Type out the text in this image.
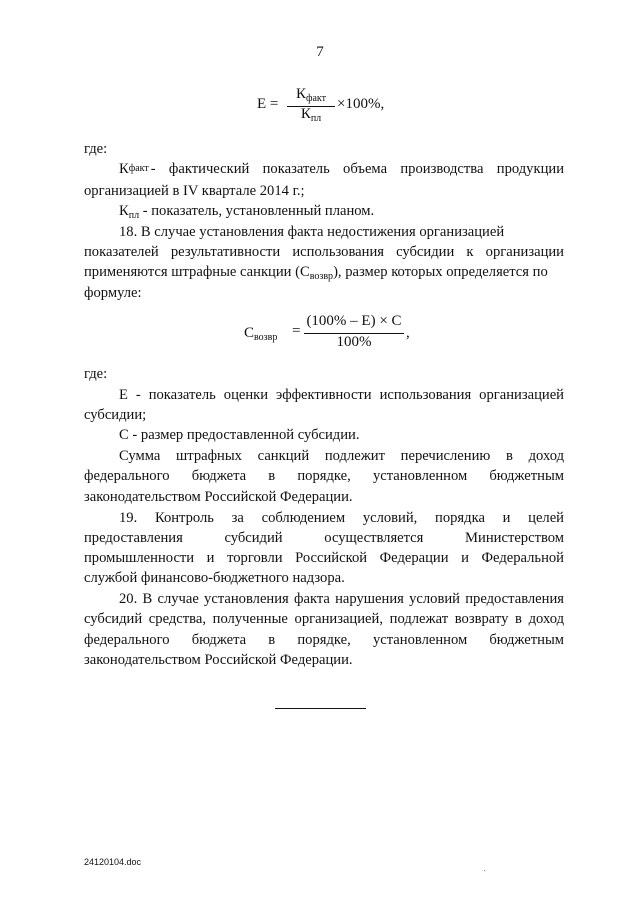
7
E =
$К_{факт}$
$К_{пл}$
×100%,
где:
К факт - фактический показатель объема производства продукции
организацией в IV квартале 2014 г.;
$К_{пл}$ - показатель, установленный планом.
18. В случае установления факта недостижения организацией
показателей результативности использования субсидии к организации
применяются штрафные санкции $(С_{возвр})$, размер которых определяется по
формуле:
$С_{возвр}$ =
(100% – Е) × С
100%
,
где:
Е - показатель оценки эффективности использования организацией
субсидии;
С - размер предоставленной субсидии.
Сумма штрафных санкций подлежит перечислению в доход
федерального бюджета в порядке, установленном бюджетным
законодательством Российской Федерации.
19. Контроль за соблюдением условий, порядка и целей
предоставления субсидий осуществляется Министерством
промышленности и торговли Российской Федерации и Федеральной
службой финансово-бюджетного надзора.
20. В случае установления факта нарушения условий предоставления
субсидий средства, полученные организацией, подлежат возврату в доход
федерального бюджета в порядке, установленном бюджетным
законодательством Российской Федерации.
24120104.doc
